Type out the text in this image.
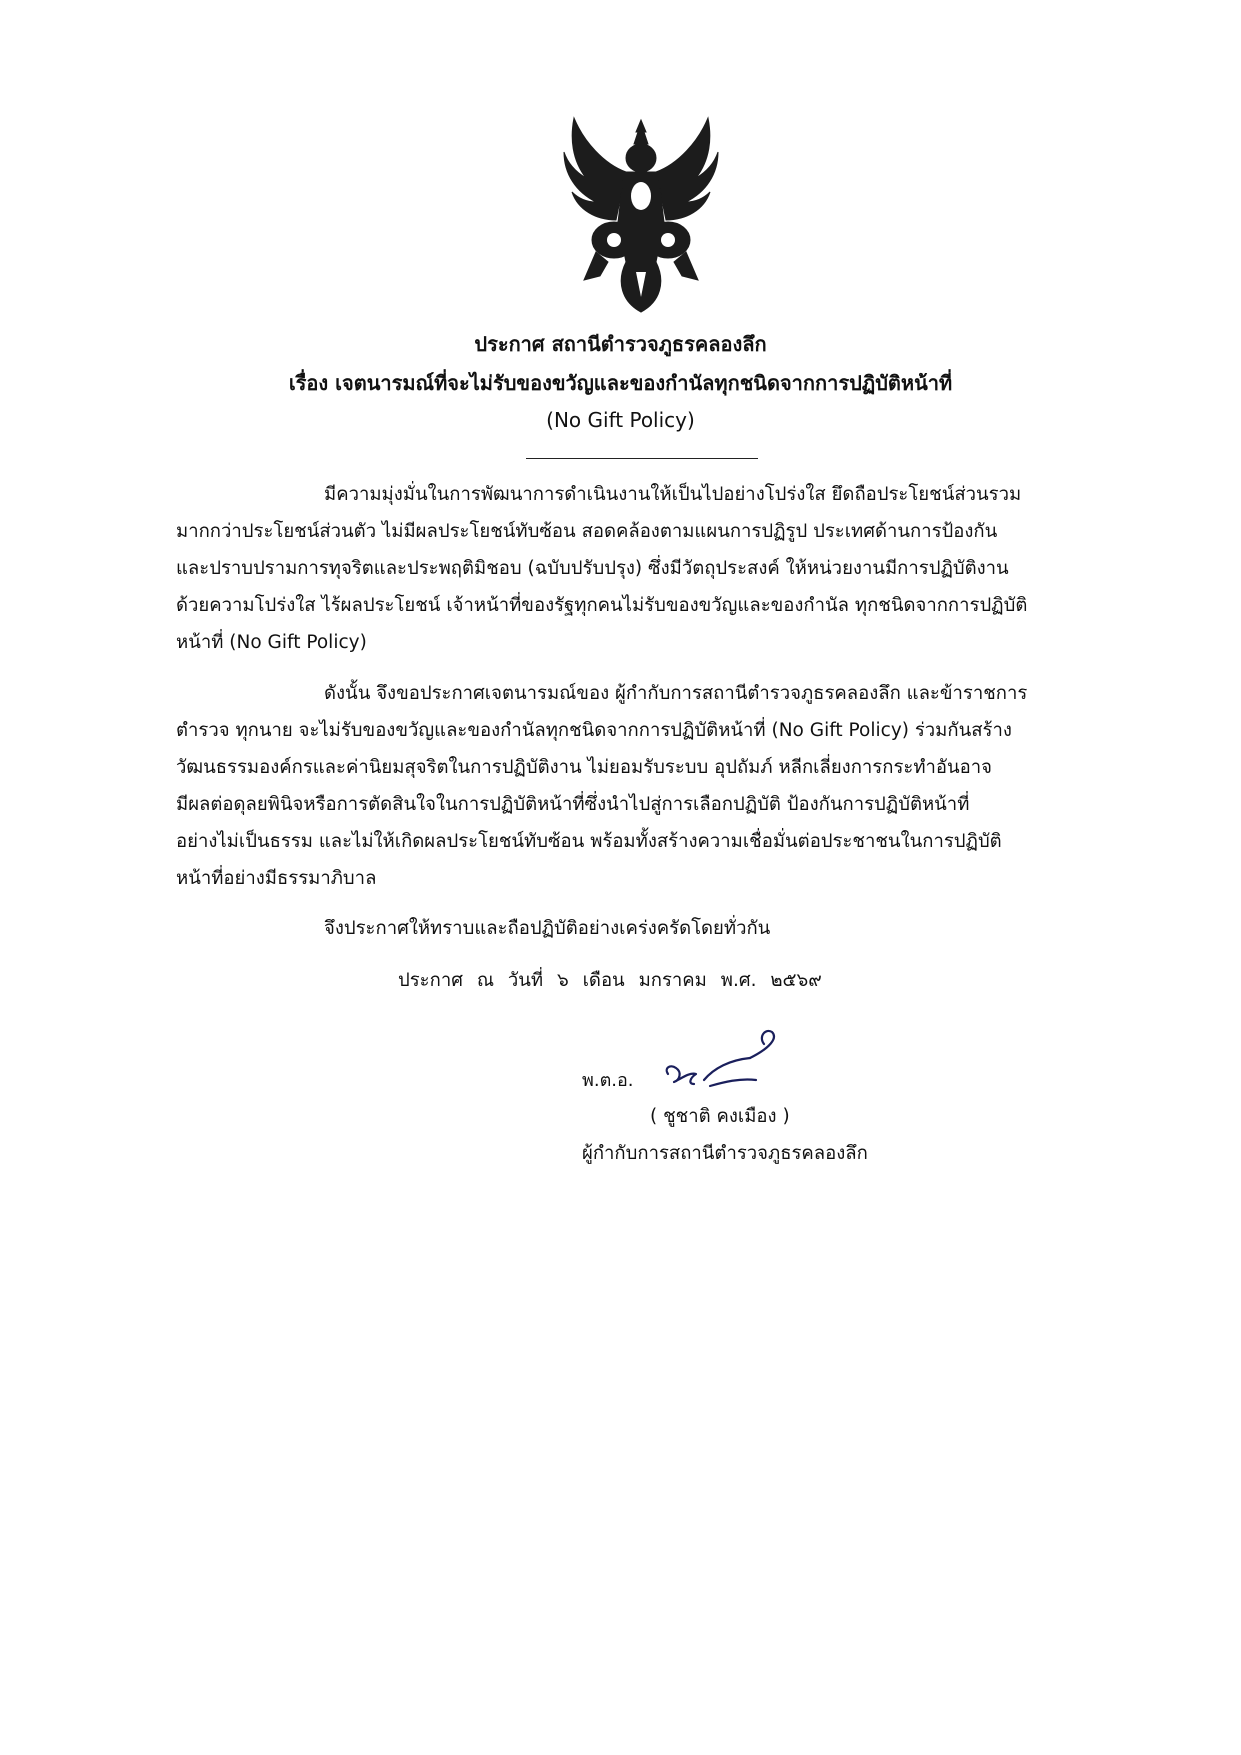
ประกาศ สถานีตำรวจภูธรคลองลึก
เรื่อง เจตนารมณ์ที่จะไม่รับของขวัญและของกำนัลทุกชนิดจากการปฏิบัติหน้าที่
(No Gift Policy)
มีความมุ่งมั่นในการพัฒนาการดำเนินงานให้เป็นไปอย่างโปร่งใส ยึดถือประโยชน์ส่วนรวม
มากกว่าประโยชน์ส่วนตัว ไม่มีผลประโยชน์ทับซ้อน สอดคล้องตามแผนการปฏิรูป ประเทศด้านการป้องกัน
และปราบปรามการทุจริตและประพฤติมิชอบ (ฉบับปรับปรุง) ซึ่งมีวัตถุประสงค์ ให้หน่วยงานมีการปฏิบัติงาน
ด้วยความโปร่งใส ไร้ผลประโยชน์ เจ้าหน้าที่ของรัฐทุกคนไม่รับของขวัญและของกำนัล ทุกชนิดจากการปฏิบัติ
หน้าที่ (No Gift Policy)
ดังนั้น จึงขอประกาศเจตนารมณ์ของ ผู้กำกับการสถานีตำรวจภูธรคลองลึก และข้าราชการ
ตำรวจ ทุกนาย จะไม่รับของขวัญและของกำนัลทุกชนิดจากการปฏิบัติหน้าที่ (No Gift Policy) ร่วมกันสร้าง
วัฒนธรรมองค์กรและค่านิยมสุจริตในการปฏิบัติงาน ไม่ยอมรับระบบ อุปถัมภ์ หลีกเลี่ยงการกระทำอันอาจ
มีผลต่อดุลยพินิจหรือการตัดสินใจในการปฏิบัติหน้าที่ซึ่งนำไปสู่การเลือกปฏิบัติ ป้องกันการปฏิบัติหน้าที่
อย่างไม่เป็นธรรม และไม่ให้เกิดผลประโยชน์ทับซ้อน พร้อมทั้งสร้างความเชื่อมั่นต่อประชาชนในการปฏิบัติ
หน้าที่อย่างมีธรรมาภิบาล
จึงประกาศให้ทราบและถือปฏิบัติอย่างเคร่งครัดโดยทั่วกัน
ประกาศ ณ วันที่ ๖ เดือน มกราคม พ.ศ. ๒๕๖๙
พ.ต.อ.
( ชูชาติ คงเมือง )
ผู้กำกับการสถานีตำรวจภูธรคลองลึก
